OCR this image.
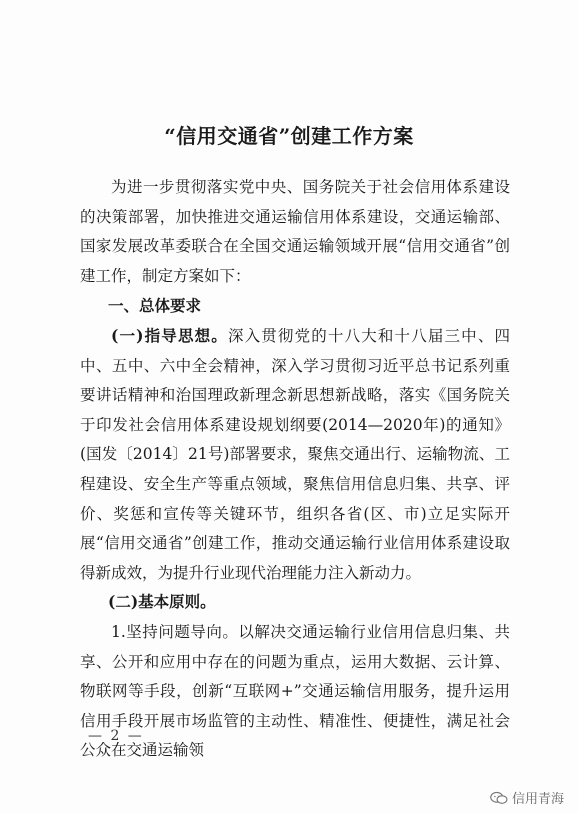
“信用交通省”创建工作方案

为进一步贯彻落实党中央、国务院关于社会信用体系建设的决策部署，加快推进交通运输信用体系建设，交通运输部、国家发展改革委联合在全国交通运输领域开展“信用交通省”创建工作，制定方案如下：

一、总体要求

(一)指导思想。深入贯彻党的十八大和十八届三中、四中、五中、六中全会精神，深入学习贯彻习近平总书记系列重要讲话精神和治国理政新理念新思想新战略，落实《国务院关于印发社会信用体系建设规划纲要(2014—2020年)的通知》(国发〔2014〕21号)部署要求，聚焦交通出行、运输物流、工程建设、安全生产等重点领域，聚焦信用信息归集、共享、评价、奖惩和宣传等关键环节，组织各省(区、市)立足实际开展“信用交通省”创建工作，推动交通运输行业信用体系建设取得新成效，为提升行业现代治理能力注入新动力。

(二)基本原则。

1.坚持问题导向。以解决交通运输行业信用信息归集、共享、公开和应用中存在的问题为重点，运用大数据、云计算、物联网等手段，创新“互联网+”交通运输信用服务，提升运用信用手段开展市场监管的主动性、精准性、便捷性，满足社会公众在交通运输领

— 2 —
信用青海
